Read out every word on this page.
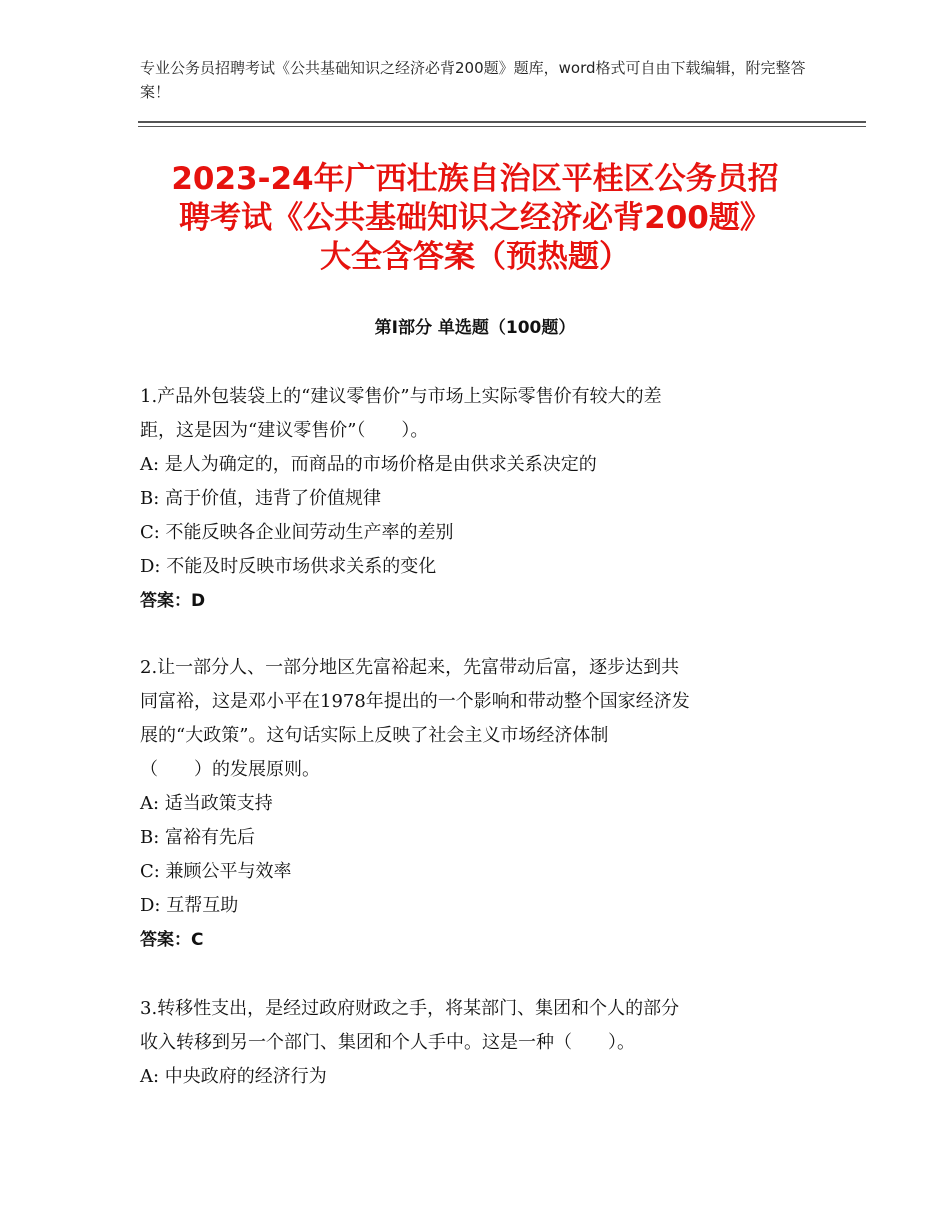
专业公务员招聘考试《公共基础知识之经济必背200题》题库，word格式可自由下载编辑，附完整答案！
2023-24年广西壮族自治区平桂区公务员招
聘考试《公共基础知识之经济必背200题》
大全含答案（预热题）
第Ⅰ部分 单选题（100题）

1.产品外包装袋上的“建议零售价”与市场上实际零售价有较大的差

距，这是因为“建议零售价”（　　）。

A: 是人为确定的，而商品的市场价格是由供求关系决定的

B: 高于价值，违背了价值规律

C: 不能反映各企业间劳动生产率的差别

D: 不能及时反映市场供求关系的变化

答案：D

2.让一部分人、一部分地区先富裕起来，先富带动后富，逐步达到共

同富裕，这是邓小平在1978年提出的一个影响和带动整个国家经济发

展的“大政策”。这句话实际上反映了社会主义市场经济体制

（　　）的发展原则。

A: 适当政策支持

B: 富裕有先后

C: 兼顾公平与效率

D: 互帮互助

答案：C

3.转移性支出，是经过政府财政之手，将某部门、集团和个人的部分

收入转移到另一个部门、集团和个人手中。这是一种（　　）。

A: 中央政府的经济行为
